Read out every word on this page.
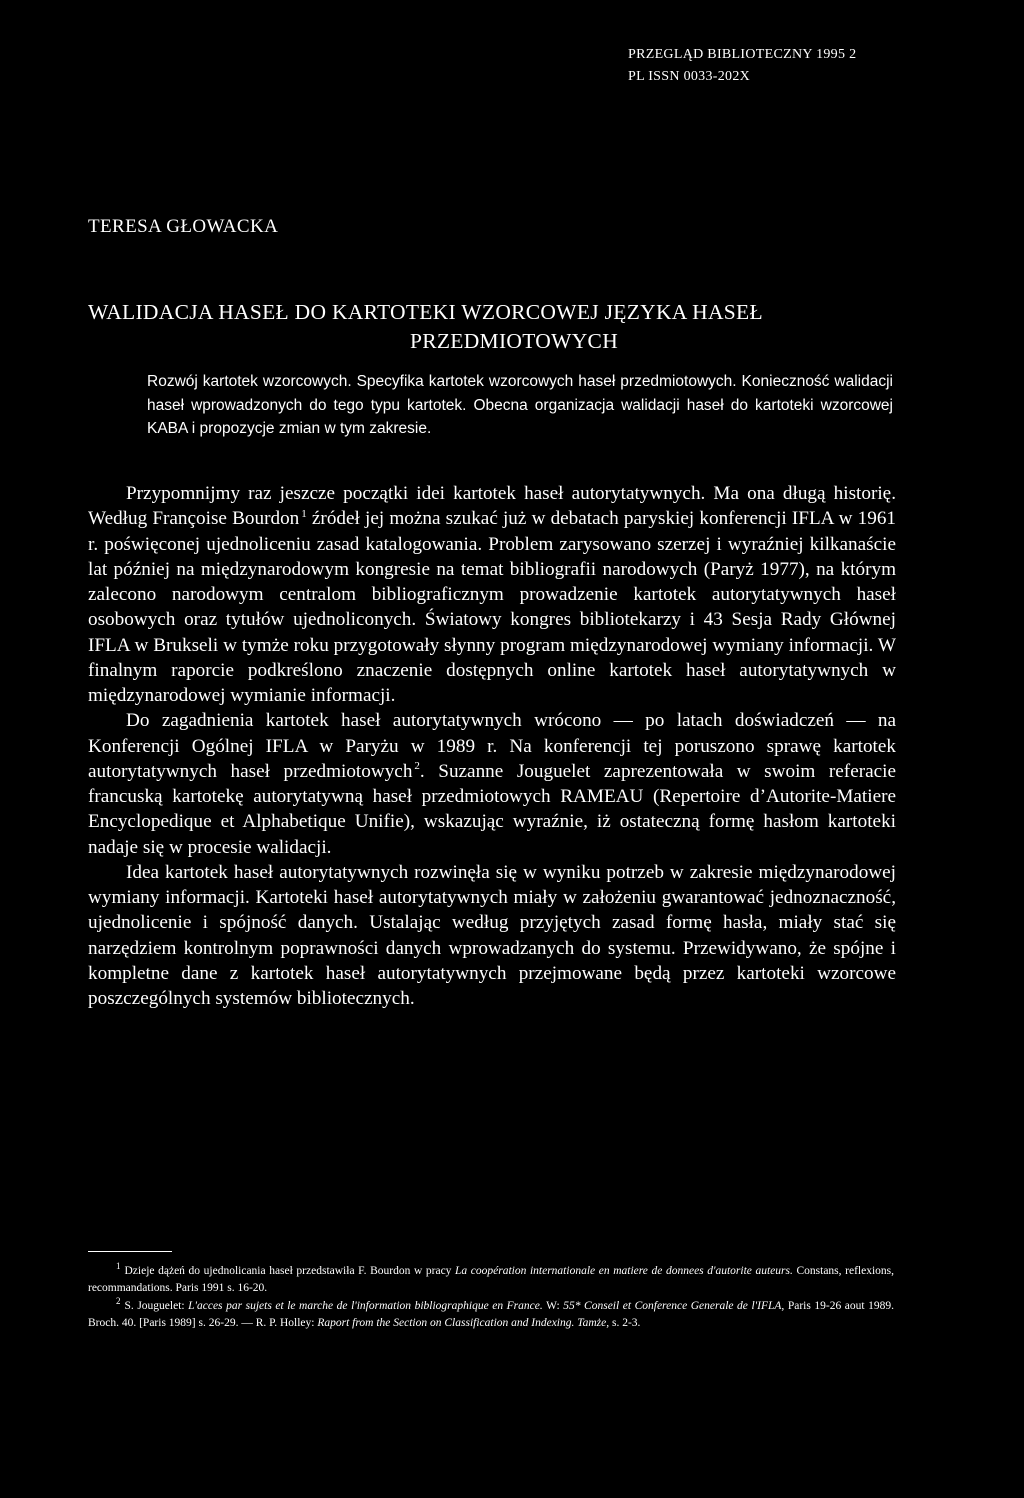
PRZEGLĄD BIBLIOTECZNY 1995 2
PL ISSN 0033-202X
TERESA GŁOWACKA
WALIDACJA HASEŁ DO KARTOTEKI WZORCOWEJ JĘZYKA HASEŁ
PRZEDMIOTOWYCH
Rozwój kartotek wzorcowych. Specyfika kartotek wzorcowych haseł przedmiotowych. Konieczność walidacji haseł wprowadzonych do tego typu kartotek. Obecna organizacja walidacji haseł do kartoteki wzorcowej KABA i propozycje zmian w tym zakresie.

Przypomnijmy raz jeszcze początki idei kartotek haseł autorytatywnych. Ma ona długą historię. Według Françoise Bourdon $^1$ źródeł jej można szukać już w debatach paryskiej konferencji IFLA w 1961 r. poświęconej ujednoliceniu zasad katalogowania. Problem zarysowano szerzej i wyraźniej kilkanaście lat później na międzynarodowym kongresie na temat bibliografii narodowych (Paryż 1977), na którym zalecono narodowym centralom bibliograficznym prowadzenie kartotek autorytatywnych haseł osobowych oraz tytułów ujednoliconych. Światowy kongres bibliotekarzy i 43 Sesja Rady Głównej IFLA w Brukseli w tymże roku przygotowały słynny program międzynarodowej wymiany informacji. W finalnym raporcie podkreślono znaczenie dostępnych online kartotek haseł autorytatywnych w międzynarodowej wymianie informacji.

Do zagadnienia kartotek haseł autorytatywnych wrócono — po latach doświadczeń — na Konferencji Ogólnej IFLA w Paryżu w 1989 r. Na konferencji tej poruszono sprawę kartotek autorytatywnych haseł przedmiotowych $^2$. Suzanne Jouguelet zaprezentowała w swoim referacie francuską kartotekę autorytatywną haseł przedmiotowych RAMEAU (Repertoire d’Autorite-Matiere Encyclopedique et Alphabetique Unifie), wskazując wyraźnie, iż ostateczną formę hasłom kartoteki nadaje się w procesie walidacji.

Idea kartotek haseł autorytatywnych rozwinęła się w wyniku potrzeb w zakresie międzynarodowej wymiany informacji. Kartoteki haseł autorytatywnych miały w założeniu gwarantować jednoznaczność, ujednolicenie i spójność danych. Ustalając według przyjętych zasad formę hasła, miały stać się narzędziem kontrolnym poprawności danych wprowadzanych do systemu. Przewidywano, że spójne i kompletne dane z kartotek haseł autorytatywnych przejmowane będą przez kartoteki wzorcowe poszczególnych systemów bibliotecznych.

$^1$ Dzieje dążeń do ujednolicania haseł przedstawiła F. Bourdon w pracy La coopération internationale en matiere de donnees d'autorite auteurs. Constans, reflexions, recommandations. Paris 1991 s. 16-20.

$^2$ S. Jouguelet: L'acces par sujets et le marche de l'information bibliographique en France. W: 55* Conseil et Conference Generale de l'IFLA, Paris 19-26 aout 1989. Broch. 40. [Paris 1989] s. 26-29. — R. P. Holley: Raport from the Section on Classification and Indexing. Tamże, s. 2-3.
